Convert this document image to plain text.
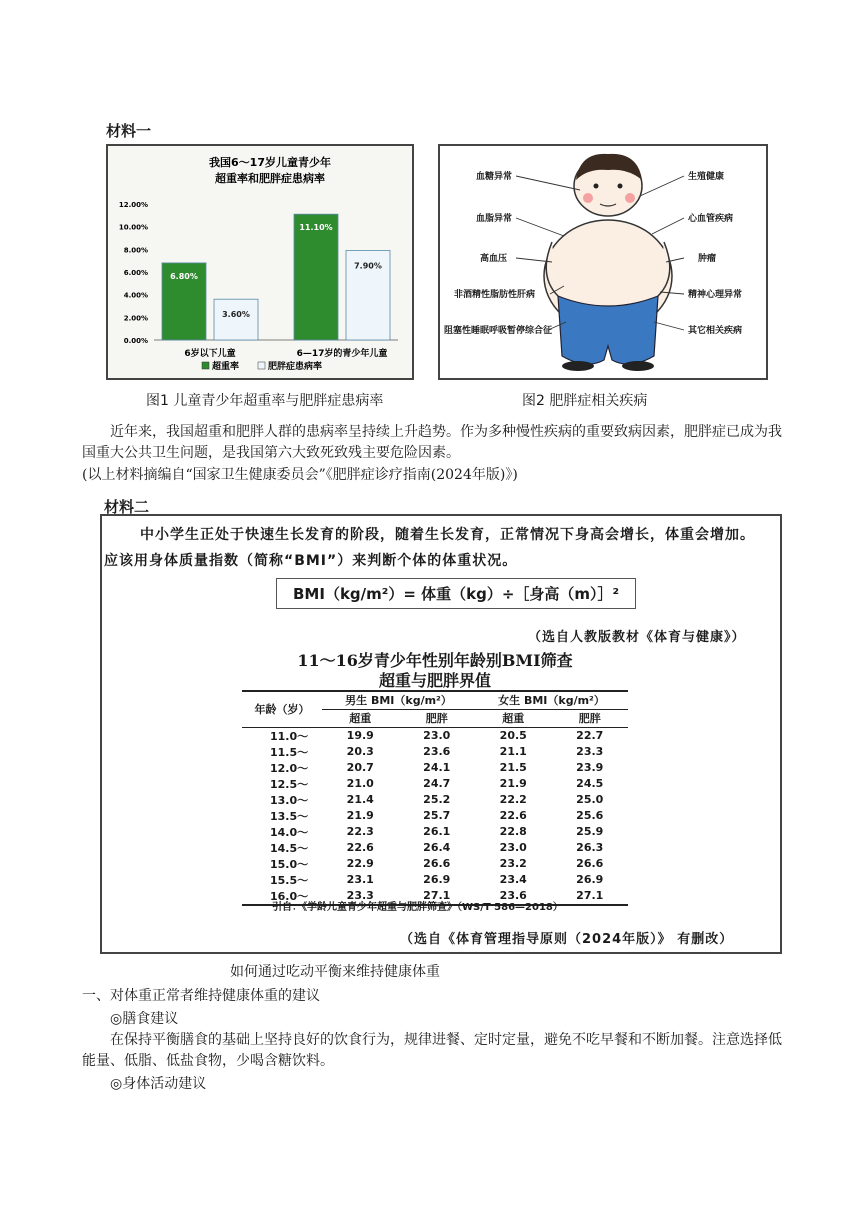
材料一
我国6～17岁儿童青少年
超重率和肥胖症患病率
0.00%
2.00%
4.00%
6.00%
8.00%
10.00%
12.00%
6.80%
3.60%
11.10%
7.90%
6岁以下儿童	6—17岁的青少年儿童
超重率	肥胖症患病率
图1 儿童青少年超重率与肥胖症患病率
血糖异常
血脂异常
高血压
非酒精性脂肪性肝病
阻塞性睡眠呼吸暂停综合征
生殖健康
心血管疾病
肿瘤
精神心理异常
其它相关疾病
图2 肥胖症相关疾病
近年来，我国超重和肥胖人群的患病率呈持续上升趋势。作为多种慢性疾病的重要致病因素，肥胖症已成为我国重大公共卫生问题，是我国第六大致死致残主要危险因素。
(以上材料摘编自“国家卫生健康委员会”《肥胖症诊疗指南(2024年版)》)
材料二
中小学生正处于快速生长发育的阶段，随着生长发育，正常情况下身高会增长，体重会增加。
应该用身体质量指数（简称“BMI”）来判断个体的体重状况。
BMI（kg/m²）= 体重（kg）÷［身高（m）］²
（选自人教版教材《体育与健康》）
11～16岁青少年性别年龄别BMI筛查
超重与肥胖界值
年龄（岁）	男生 BMI（kg/m²）		女生 BMI（kg/m²）	
	超重	肥胖	超重	肥胖
11.0～	19.9	23.0	20.5	22.7
11.5～	20.3	23.6	21.1	23.3
12.0～	20.7	24.1	21.5	23.9
12.5～	21.0	24.7	21.9	24.5
13.0～	21.4	25.2	22.2	25.0
13.5～	21.9	25.7	22.6	25.6
14.0～	22.3	26.1	22.8	25.9
14.5～	22.6	26.4	23.0	26.3
15.0～	22.9	26.6	23.2	26.6
15.5～	23.1	26.9	23.4	26.9
16.0～	23.3	27.1	23.6	27.1
引自：《学龄儿童青少年超重与肥胖筛查》（WS/T 586—2018）
（选自《体育管理指导原则（2024年版）》 有删改）
如何通过吃动平衡来维持健康体重
一、对体重正常者维持健康体重的建议
◎膳食建议
在保持平衡膳食的基础上坚持良好的饮食行为，规律进餐、定时定量，避免不吃早餐和不断加餐。注意选择低能量、低脂、低盐食物，少喝含糖饮料。
◎身体活动建议
